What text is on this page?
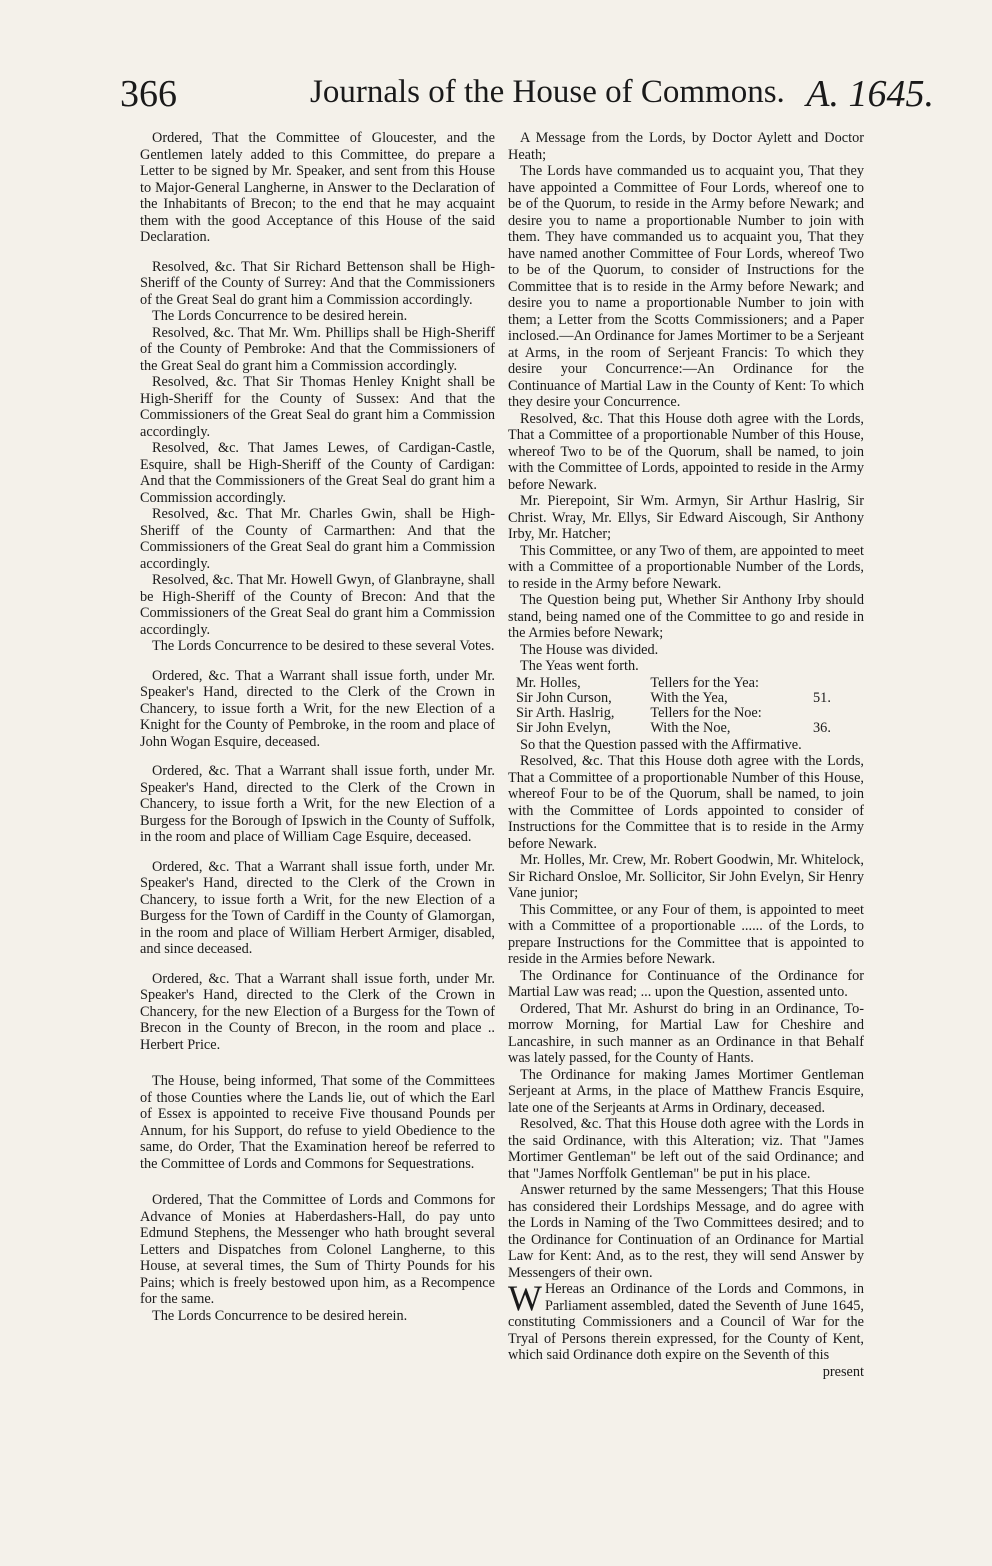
366	Journals of the House of Commons. A. 1645.

Ordered, That the Committee of Gloucester, and the Gentlemen lately added to this Committee, do prepare a Letter to be signed by Mr. Speaker, and sent from this House to Major-General Langherne, in Answer to the Declaration of the Inhabitants of Brecon; to the end that he may acquaint them with the good Acceptance of this House of the said Declaration.

Resolved, &c. That Sir Richard Bettenson shall be High-Sheriff of the County of Surrey: And that the Commissioners of the Great Seal do grant him a Commission accordingly.

The Lords Concurrence to be desired herein.

Resolved, &c. That Mr. Wm. Phillips shall be High-Sheriff of the County of Pembroke: And that the Commissioners of the Great Seal do grant him a Commission accordingly.

Resolved, &c. That Sir Thomas Henley Knight shall be High-Sheriff for the County of Sussex: And that the Commissioners of the Great Seal do grant him a Commission accordingly.

Resolved, &c. That James Lewes, of Cardigan-Castle, Esquire, shall be High-Sheriff of the County of Cardigan: And that the Commissioners of the Great Seal do grant him a Commission accordingly.

Resolved, &c. That Mr. Charles Gwin, shall be High-Sheriff of the County of Carmarthen: And that the Commissioners of the Great Seal do grant him a Commission accordingly.

Resolved, &c. That Mr. Howell Gwyn, of Glanbrayne, shall be High-Sheriff of the County of Brecon: And that the Commissioners of the Great Seal do grant him a Commission accordingly.

The Lords Concurrence to be desired to these several Votes.

Ordered, &c. That a Warrant shall issue forth, under Mr. Speaker's Hand, directed to the Clerk of the Crown in Chancery, to issue forth a Writ, for the new Election of a Knight for the County of Pembroke, in the room and place of John Wogan Esquire, deceased.

Ordered, &c. That a Warrant shall issue forth, under Mr. Speaker's Hand, directed to the Clerk of the Crown in Chancery, to issue forth a Writ, for the new Election of a Burgess for the Borough of Ipswich in the County of Suffolk, in the room and place of William Cage Esquire, deceased.

Ordered, &c. That a Warrant shall issue forth, under Mr. Speaker's Hand, directed to the Clerk of the Crown in Chancery, to issue forth a Writ, for the new Election of a Burgess for the Town of Cardiff in the County of Glamorgan, in the room and place of William Herbert Armiger, disabled, and since deceased.

Ordered, &c. That a Warrant shall issue forth, under Mr. Speaker's Hand, directed to the Clerk of the Crown in Chancery, for the new Election of a Burgess for the Town of Brecon in the County of Brecon, in the room and place .. Herbert Price.

The House, being informed, That some of the Committees of those Counties where the Lands lie, out of which the Earl of Essex is appointed to receive Five thousand Pounds per Annum, for his Support, do refuse to yield Obedience to the same, do Order, That the Examination hereof be referred to the Committee of Lords and Commons for Sequestrations.

Ordered, That the Committee of Lords and Commons for Advance of Monies at Haberdashers-Hall, do pay unto Edmund Stephens, the Messenger who hath brought several Letters and Dispatches from Colonel Langherne, to this House, at several times, the Sum of Thirty Pounds for his Pains; which is freely bestowed upon him, as a Recompence for the same.

The Lords Concurrence to be desired herein.

A Message from the Lords, by Doctor Aylett and Doctor Heath;

The Lords have commanded us to acquaint you, That they have appointed a Committee of Four Lords, whereof one to be of the Quorum, to reside in the Army before Newark; and desire you to name a proportionable Number to join with them. They have commanded us to acquaint you, That they have named another Committee of Four Lords, whereof Two to be of the Quorum, to consider of Instructions for the Committee that is to reside in the Army before Newark; and desire you to name a proportionable Number to join with them; a Letter from the Scotts Commissioners; and a Paper inclosed.—An Ordinance for James Mortimer to be a Serjeant at Arms, in the room of Serjeant Francis: To which they desire your Concurrence:—An Ordinance for the Continuance of Martial Law in the County of Kent: To which they desire your Concurrence.

Resolved, &c. That this House doth agree with the Lords, That a Committee of a proportionable Number of this House, whereof Two to be of the Quorum, shall be named, to join with the Committee of Lords, appointed to reside in the Army before Newark.

Mr. Pierepoint, Sir Wm. Armyn, Sir Arthur Haslrig, Sir Christ. Wray, Mr. Ellys, Sir Edward Aiscough, Sir Anthony Irby, Mr. Hatcher;

This Committee, or any Two of them, are appointed to meet with a Committee of a proportionable Number of the Lords, to reside in the Army before Newark.

The Question being put, Whether Sir Anthony Irby should stand, being named one of the Committee to go and reside in the Armies before Newark;

The House was divided.

The Yeas went forth.

Mr. Holles,	Tellers for the Yea:	
Sir John Curson,	With the Yea,	51.
Sir Arth. Haslrig,	Tellers for the Noe:	
Sir John Evelyn,	With the Noe,	36.

So that the Question passed with the Affirmative.

Resolved, &c. That this House doth agree with the Lords, That a Committee of a proportionable Number of this House, whereof Four to be of the Quorum, shall be named, to join with the Committee of Lords appointed to consider of Instructions for the Committee that is to reside in the Army before Newark.

Mr. Holles, Mr. Crew, Mr. Robert Goodwin, Mr. Whitelock, Sir Richard Onsloe, Mr. Sollicitor, Sir John Evelyn, Sir Henry Vane junior;

This Committee, or any Four of them, is appointed to meet with a Committee of a proportionable ...... of the Lords, to prepare Instructions for the Committee that is appointed to reside in the Armies before Newark.

The Ordinance for Continuance of the Ordinance for Martial Law was read; ... upon the Question, assented unto.

Ordered, That Mr. Ashurst do bring in an Ordinance, To-morrow Morning, for Martial Law for Cheshire and Lancashire, in such manner as an Ordinance in that Behalf was lately passed, for the County of Hants.

The Ordinance for making James Mortimer Gentleman Serjeant at Arms, in the place of Matthew Francis Esquire, late one of the Serjeants at Arms in Ordinary, deceased.

Resolved, &c. That this House doth agree with the Lords in the said Ordinance, with this Alteration; viz. That "James Mortimer Gentleman" be left out of the said Ordinance; and that "James Norffolk Gentleman" be put in his place.

Answer returned by the same Messengers; That this House has considered their Lordships Message, and do agree with the Lords in Naming of the Two Committees desired; and to the Ordinance for Continuation of an Ordinance for Martial Law for Kent: And, as to the rest, they will send Answer by Messengers of their own.

W Hereas an Ordinance of the Lords and Commons, in Parliament assembled, dated the Seventh of June 1645, constituting Commissioners and a Council of War for the Tryal of Persons therein expressed, for the County of Kent, which said Ordinance doth expire on the Seventh of this

present
